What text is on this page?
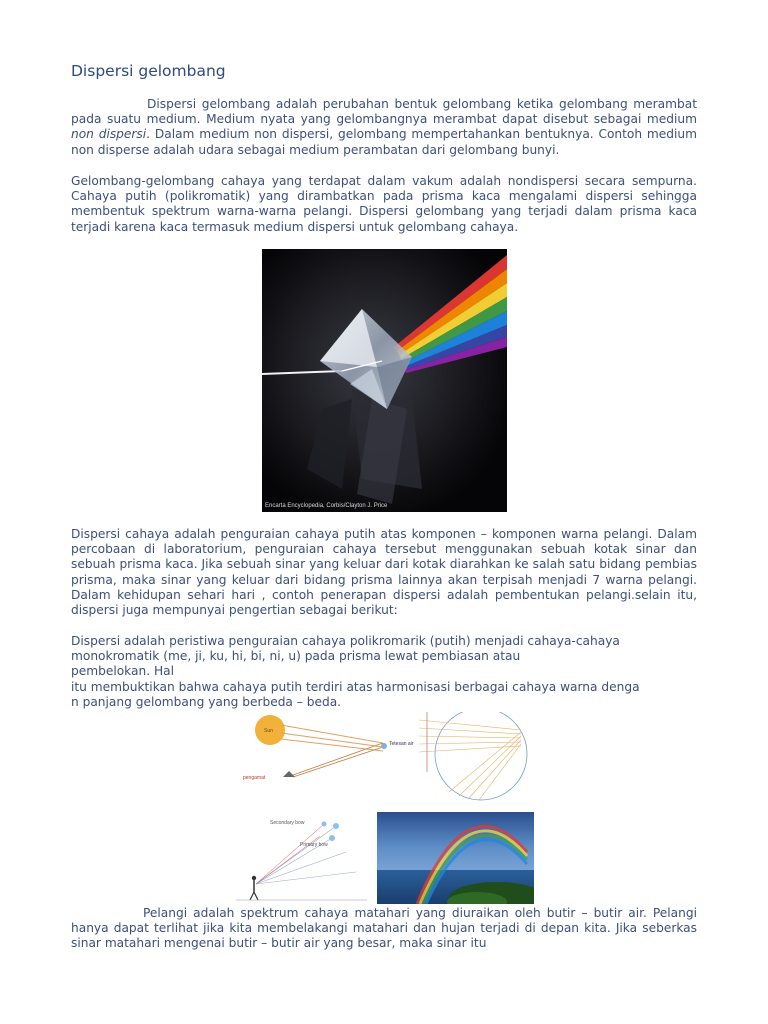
Dispersi gelombang

Dispersi gelombang adalah perubahan bentuk gelombang ketika gelombang merambat pada suatu medium. Medium nyata yang gelombangnya merambat dapat disebut sebagai medium non dispersi. Dalam medium non dispersi, gelombang mempertahankan bentuknya. Contoh medium non disperse adalah udara sebagai medium perambatan dari gelombang bunyi.

Gelombang-gelombang cahaya yang terdapat dalam vakum adalah nondispersi secara sempurna. Cahaya putih (polikromatik) yang dirambatkan pada prisma kaca mengalami dispersi sehingga membentuk spektrum warna-warna pelangi. Dispersi gelombang yang terjadi dalam prisma kaca terjadi karena kaca termasuk medium dispersi untuk gelombang cahaya.

Encarta Encyclopedia, Corbis/Clayton J. Price

Dispersi cahaya adalah penguraian cahaya putih atas komponen – komponen warna pelangi. Dalam percobaan di laboratorium, penguraian cahaya tersebut menggunakan sebuah kotak sinar dan sebuah prisma kaca. Jika sebuah sinar yang keluar dari kotak diarahkan ke salah satu bidang pembias prisma, maka sinar yang keluar dari bidang prisma lainnya akan terpisah menjadi 7 warna pelangi. Dalam kehidupan sehari hari , contoh penerapan dispersi adalah pembentukan pelangi.selain itu, dispersi juga mempunyai pengertian sebagai berikut:

Dispersi adalah peristiwa penguraian cahaya polikromarik (putih) menjadi cahaya-cahaya
monokromatik (me, ji, ku, hi, bi, ni, u) pada prisma lewat pembiasan atau
pembelokan. Hal
itu membuktikan bahwa cahaya putih terdiri atas harmonisasi berbagai cahaya warna denga
n panjang gelombang yang berbeda – beda.
Sun
Tetesan air
pengamat
Secondary bow
Primary bow

Pelangi adalah spektrum cahaya matahari yang diuraikan oleh butir – butir air. Pelangi hanya dapat terlihat jika kita membelakangi matahari dan hujan terjadi di depan kita. Jika seberkas sinar matahari mengenai butir – butir air yang besar, maka sinar itu
